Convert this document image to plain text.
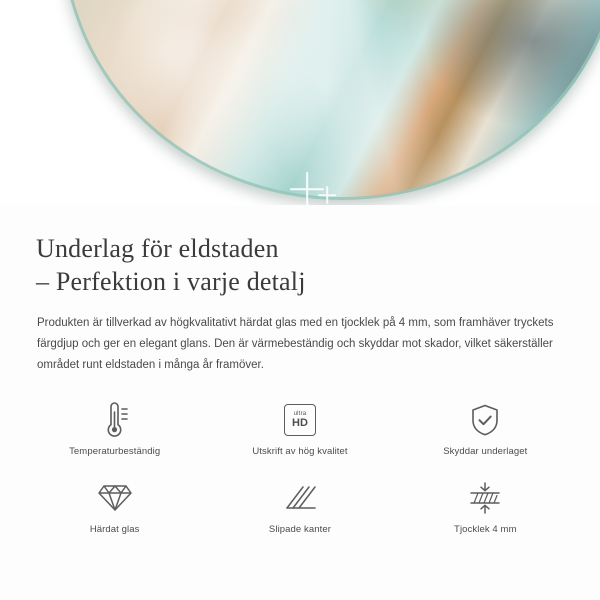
Underlag för eldstaden
– Perfektion i varje detalj
Produkten är tillverkad av högkvalitativt härdat glas med en tjocklek på 4 mm, som framhäver tryckets färgdjup och ger en elegant glans. Den är värmebeständig och skyddar mot skador, vilket säkerställer området runt eldstaden i många år framöver.
Temperaturbeständig
ultra
HD
Utskrift av hög kvalitet	Skyddar underlaget
Härdat glas	Slipade kanter	Tjocklek 4 mm
